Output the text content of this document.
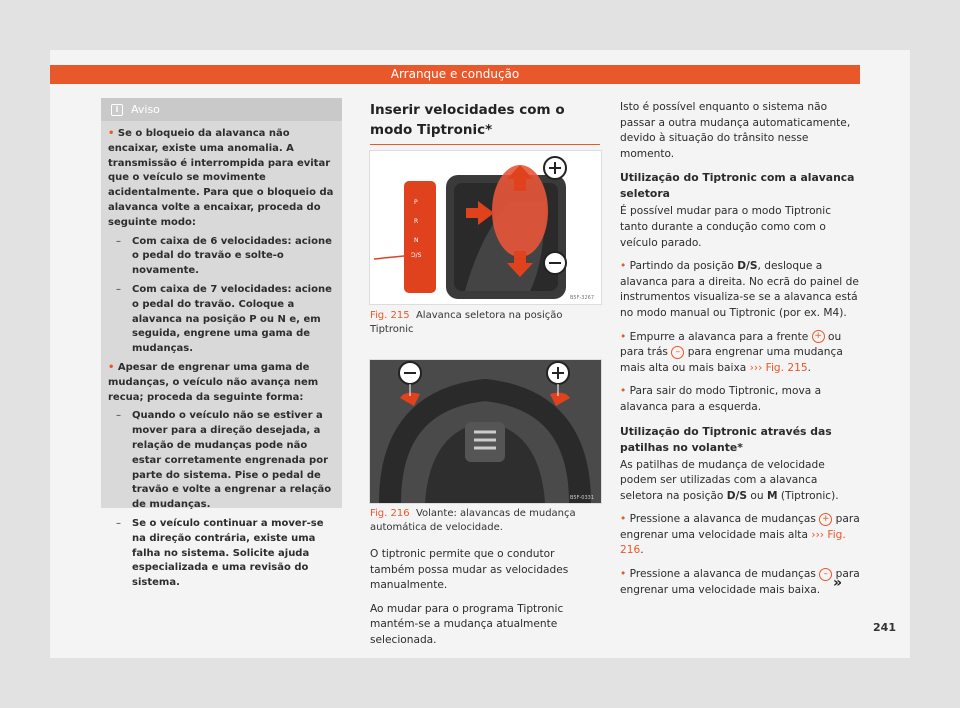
Arranque e condução
i Aviso
• Se o bloqueio da alavanca não encaixar, existe uma anomalia. A transmissão é interrompida para evitar que o veículo se movimente acidentalmente. Para que o bloqueio da alavanca volte a encaixar, proceda do seguinte modo:
– Com caixa de 6 velocidades: acione o pedal do travão e solte-o novamente.
– Com caixa de 7 velocidades: acione o pedal do travão. Coloque a alavanca na posição P ou N e, em seguida, engrene uma gama de mudanças.
• Apesar de engrenar uma gama de mudanças, o veículo não avança nem recua; proceda da seguinte forma:
– Quando o veículo não se estiver a mover para a direção desejada, a relação de mudanças pode não estar corretamente engrenada por parte do sistema. Pise o pedal de travão e volte a engrenar a relação de mudanças.
– Se o veículo continuar a mover-se na direção contrária, existe uma falha no sistema. Solicite ajuda especializada e uma revisão do sistema.
Inserir velocidades com o modo Tiptronic*
P
R
N
D/S
B5F-3267
Fig. 215 Alavanca seletora na posição Tiptronic
B5F-0331
Fig. 216 Volante: alavancas de mudança automática de velocidade.

O tiptronic permite que o condutor também possa mudar as velocidades manualmente.

Ao mudar para o programa Tiptronic mantém-se a mudança atualmente selecionada.

Isto é possível enquanto o sistema não passar a outra mudança automaticamente, devido à situação do trânsito nesse momento.

Utilização do Tiptronic com a alavanca seletora

É possível mudar para o modo Tiptronic tanto durante a condução como com o veículo parado.

• Partindo da posição D/S, desloque a alavanca para a direita. No ecrã do painel de instrumentos visualiza-se se a alavanca está no modo manual ou Tiptronic (por ex. M4).

• Empurre a alavanca para a frente + ou para trás – para engrenar uma mudança mais alta ou mais baixa ››› Fig. 215.

• Para sair do modo Tiptronic, mova a alavanca para a esquerda.

Utilização do Tiptronic através das patilhas no volante*

As patilhas de mudança de velocidade podem ser utilizadas com a alavanca seletora na posição D/S ou M (Tiptronic).

• Pressione a alavanca de mudanças + para engrenar uma velocidade mais alta ››› Fig. 216.

• Pressione a alavanca de mudanças – para engrenar uma velocidade mais baixa. »
241
